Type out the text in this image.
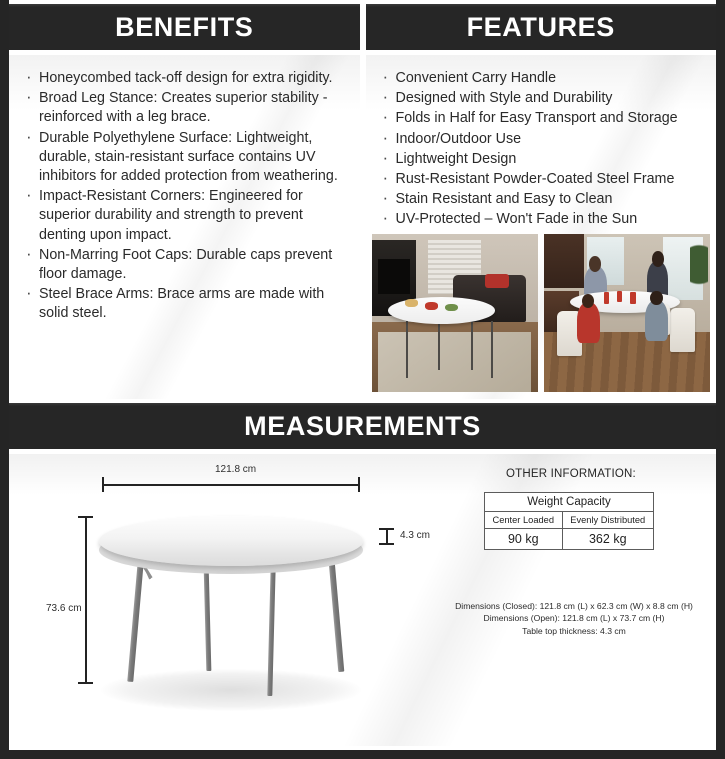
BENEFITS	FEATURES
· Honeycombed tack-off design for extra rigidity.
· Broad Leg Stance: Creates superior stability - reinforced with a leg brace.
· Durable Polyethylene Surface: Lightweight, durable, stain-resistant surface contains UV inhibitors for added protection from weathering.
· Impact-Resistant Corners: Engineered for superior durability and strength to prevent denting upon impact.
· Non-Marring Foot Caps: Durable caps prevent floor damage.
· Steel Brace Arms: Brace arms are made with solid steel.
· Convenient Carry Handle
· Designed with Style and Durability
· Folds in Half for Easy Transport and Storage
· Indoor/Outdoor Use
· Lightweight Design
· Rust-Resistant Powder-Coated Steel Frame
· Stain Resistant and Easy to Clean
· UV-Protected – Won't Fade in the Sun
MEASUREMENTS
121.8 cm
73.6 cm
4.3 cm
OTHER INFORMATION:
Weight Capacity	
Center Loaded	Evenly Distributed
90 kg	362 kg
Dimensions (Closed): 121.8 cm (L) x 62.3 cm (W) x 8.8 cm (H)
Dimensions (Open): 121.8 cm (L) x 73.7 cm (H)
Table top thickness: 4.3 cm
